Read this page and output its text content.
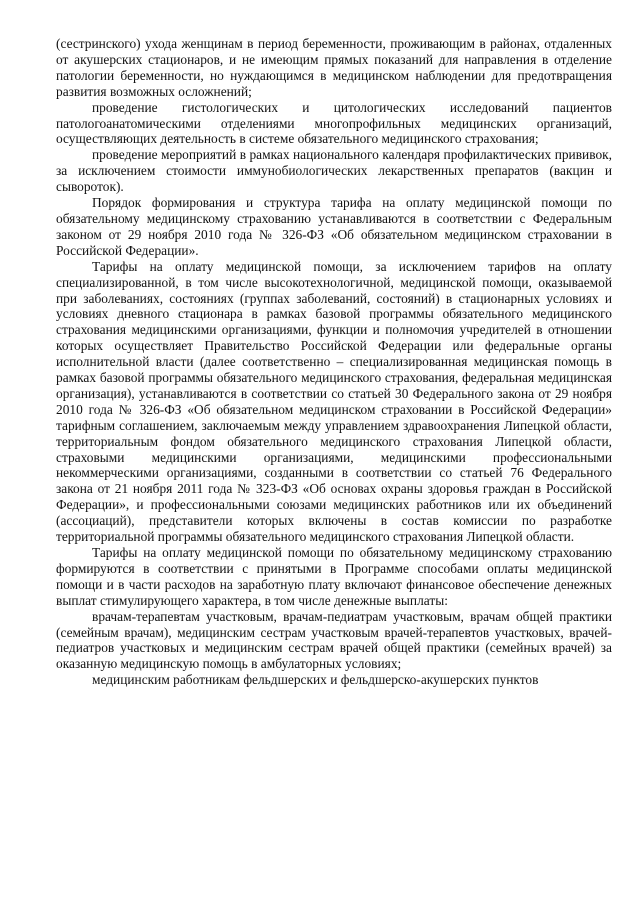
(сестринского) ухода женщинам в период беременности, проживающим в районах, отдаленных от акушерских стационаров, и не имеющим прямых показаний для направления в отделение патологии беременности, но нуждающимся в медицинском наблюдении для предотвращения развития возможных осложнений;

проведение гистологических и цитологических исследований пациентов патологоанатомическими отделениями многопрофильных медицинских организаций, осуществляющих деятельность в системе обязательного медицинского страхования;

проведение мероприятий в рамках национального календаря профилактических прививок, за исключением стоимости иммунобиологических лекарственных препаратов (вакцин и сывороток).

Порядок формирования и структура тарифа на оплату медицинской помощи по обязательному медицинскому страхованию устанавливаются в соответствии с Федеральным законом от 29 ноября 2010 года № 326-ФЗ «Об обязательном медицинском страховании в Российской Федерации».

Тарифы на оплату медицинской помощи, за исключением тарифов на оплату специализированной, в том числе высокотехнологичной, медицинской помощи, оказываемой при заболеваниях, состояниях (группах заболеваний, состояний) в стационарных условиях и условиях дневного стационара в рамках базовой программы обязательного медицинского страхования медицинскими организациями, функции и полномочия учредителей в отношении которых осуществляет Правительство Российской Федерации или федеральные органы исполнительной власти (далее соответственно – специализированная медицинская помощь в рамках базовой программы обязательного медицинского страхования, федеральная медицинская организация), устанавливаются в соответствии со статьей 30 Федерального закона от 29 ноября 2010 года № 326-ФЗ «Об обязательном медицинском страховании в Российской Федерации» тарифным соглашением, заключаемым между управлением здравоохранения Липецкой области, территориальным фондом обязательного медицинского страхования Липецкой области, страховыми медицинскими организациями, медицинскими профессиональными некоммерческими организациями, созданными в соответствии со статьей 76 Федерального закона от 21 ноября 2011 года № 323-ФЗ «Об основах охраны здоровья граждан в Российской Федерации», и профессиональными союзами медицинских работников или их объединений (ассоциаций), представители которых включены в состав комиссии по разработке территориальной программы обязательного медицинского страхования Липецкой области.

Тарифы на оплату медицинской помощи по обязательному медицинскому страхованию формируются в соответствии с принятыми в Программе способами оплаты медицинской помощи и в части расходов на заработную плату включают финансовое обеспечение денежных выплат стимулирующего характера, в том числе денежные выплаты:

врачам-терапевтам участковым, врачам-педиатрам участковым, врачам общей практики (семейным врачам), медицинским сестрам участковым врачей-терапевтов участковых, врачей-педиатров участковых и медицинским сестрам врачей общей практики (семейных врачей) за оказанную медицинскую помощь в амбулаторных условиях;

медицинским работникам фельдшерских и фельдшерско-акушерских пунктов
